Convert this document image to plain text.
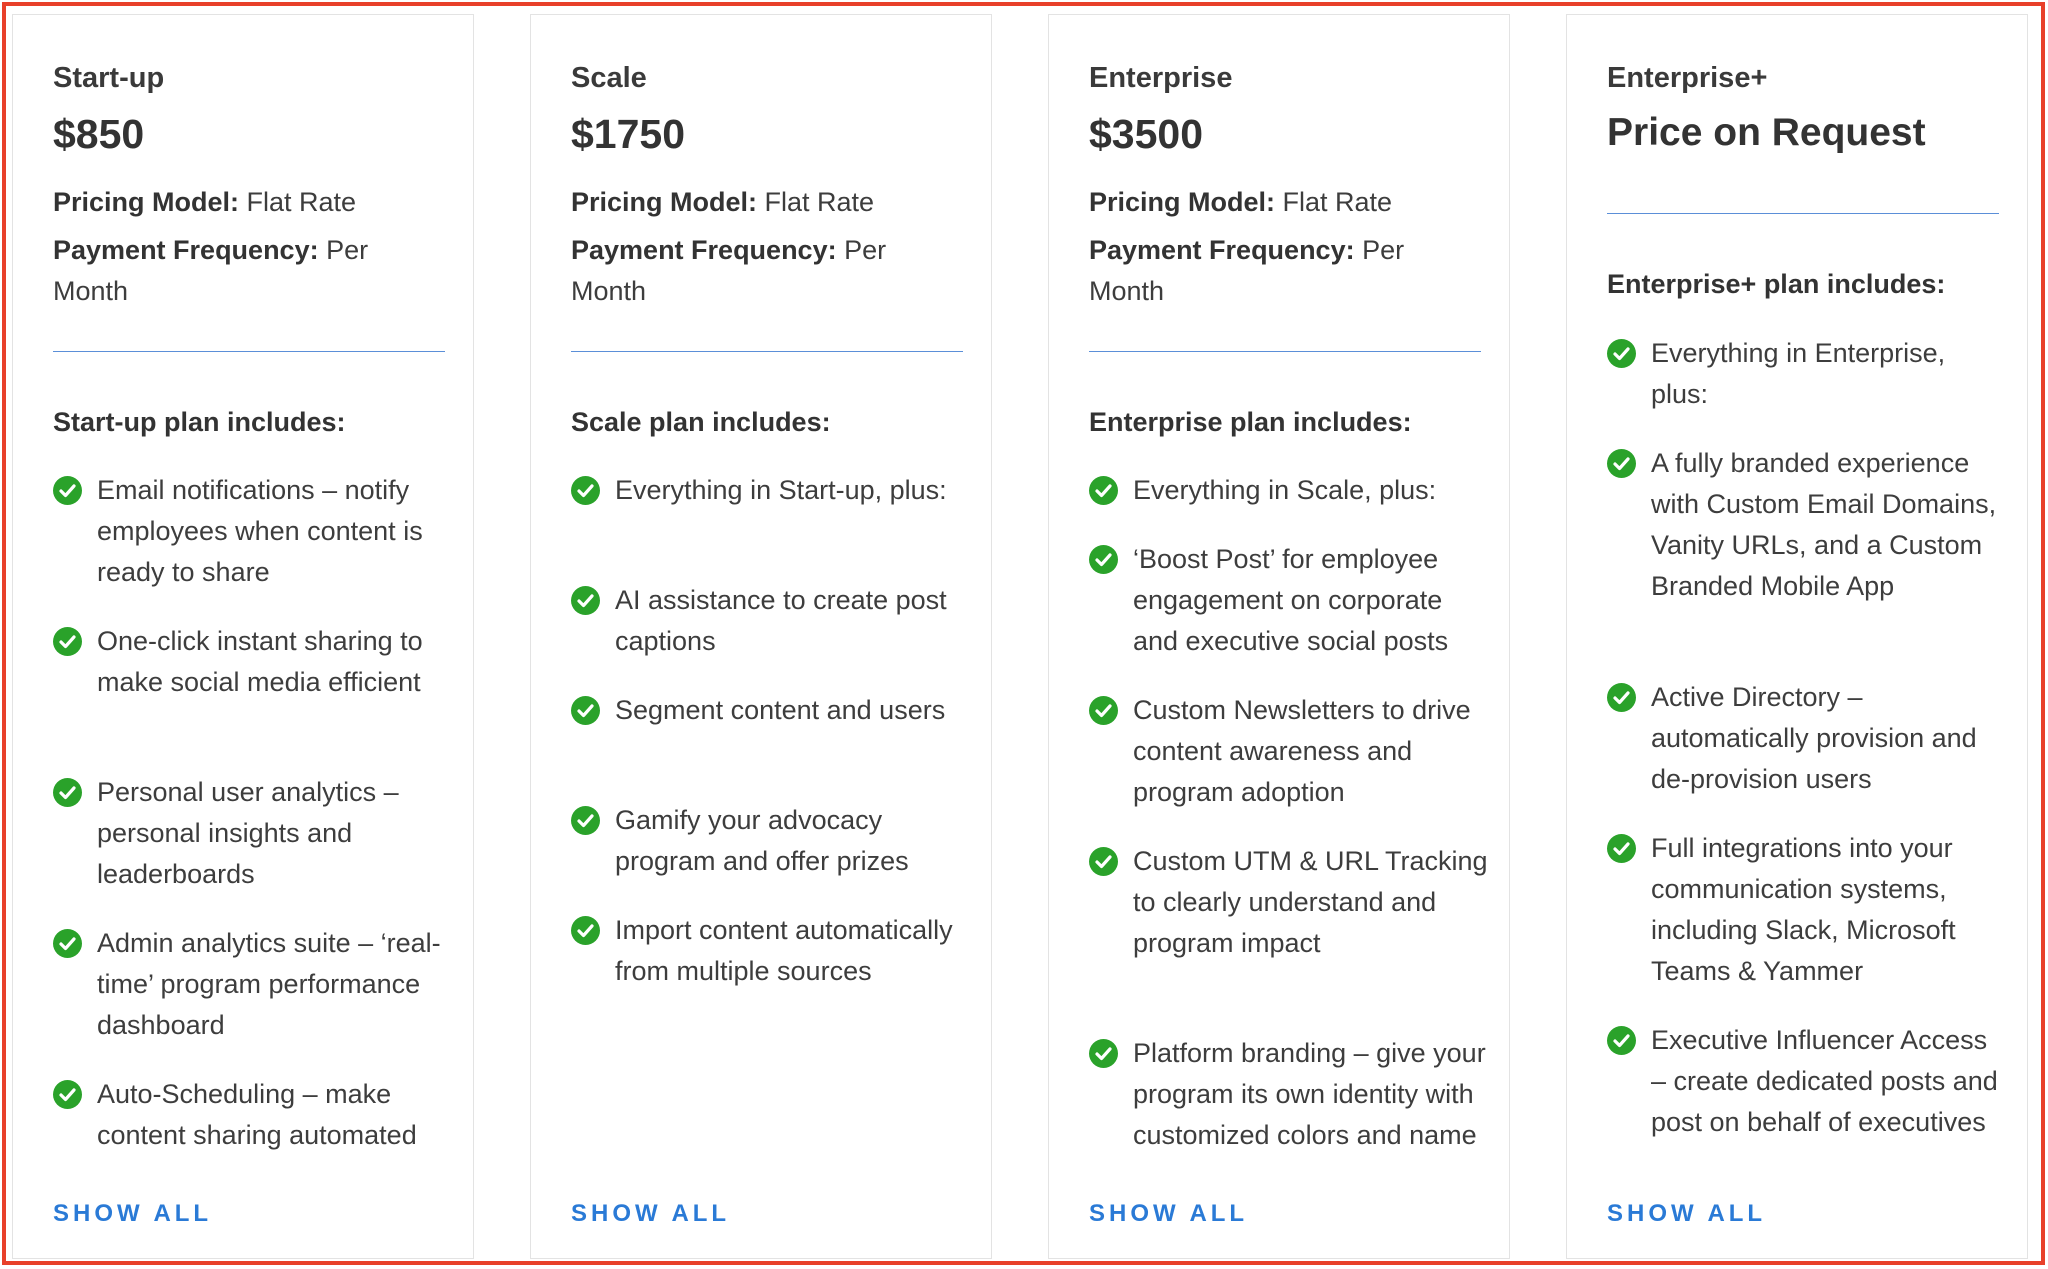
Start-up
$850
Pricing Model: Flat Rate
Payment Frequency: Per Month
Start-up plan includes:
Email notifications – notify employees when content is ready to share
One-click instant sharing to make social media efficient
Personal user analytics – personal insights and leaderboards
Admin analytics suite – ‘real-time’ program performance dashboard
Auto-Scheduling – make content sharing automated
SHOW ALL
Scale
$1750
Pricing Model: Flat Rate
Payment Frequency: Per Month
Scale plan includes:
Everything in Start-up, plus:
AI assistance to create post captions
Segment content and users
Gamify your advocacy program and offer prizes
Import content automatically from multiple sources
SHOW ALL
Enterprise
$3500
Pricing Model: Flat Rate
Payment Frequency: Per Month
Enterprise plan includes:
Everything in Scale, plus:
‘Boost Post’ for employee engagement on corporate and executive social posts
Custom Newsletters to drive content awareness and program adoption
Custom UTM & URL Tracking to clearly understand and program impact
Platform branding – give your program its own identity with customized colors and name
SHOW ALL
Enterprise+
Price on Request
Enterprise+ plan includes:
Everything in Enterprise, plus:
A fully branded experience with Custom Email Domains, Vanity URLs, and a Custom Branded Mobile App
Active Directory – automatically provision and de-provision users
Full integrations into your communication systems, including Slack, Microsoft Teams & Yammer
Executive Influencer Access – create dedicated posts and post on behalf of executives
SHOW ALL
